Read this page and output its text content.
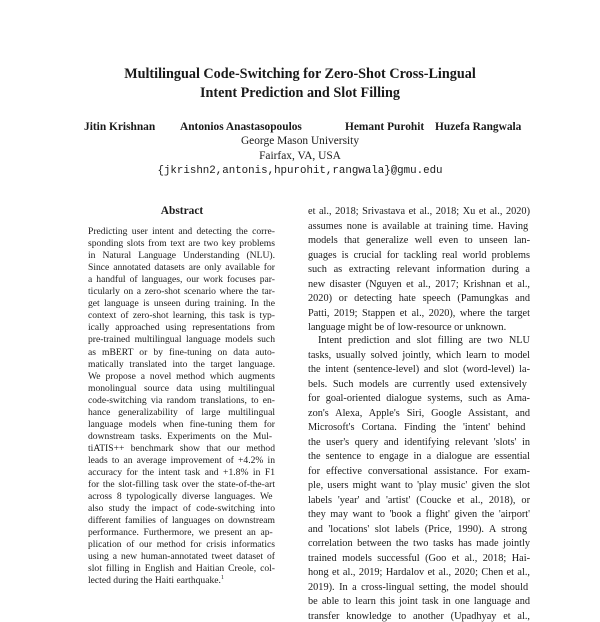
Multilingual Code-Switching for Zero-Shot Cross-Lingual
Intent Prediction and Slot Filling
Jitin Krishnan Antonios Anastasopoulos	Hemant Purohit Huzefa Rangwala
George Mason University
Fairfax, VA, USA
{jkrishn2,antonis,hpurohit,rangwala}@gmu.edu
Abstract
Predicting user intent and detecting the corre-
sponding slots from text are two key problems
in Natural Language Understanding (NLU).
Since annotated datasets are only available for
a handful of languages, our work focuses par-
ticularly on a zero-shot scenario where the tar-
get language is unseen during training. In the
context of zero-shot learning, this task is typ-
ically approached using representations from
pre-trained multilingual language models such
as mBERT or by fine-tuning on data auto-
matically translated into the target language.
We propose a novel method which augments
monolingual source data using multilingual
code-switching via random translations, to en-
hance generalizability of large multilingual
language models when fine-tuning them for
downstream tasks. Experiments on the Mul-
tiATIS++ benchmark show that our method
leads to an average improvement of +4.2% in
accuracy for the intent task and +1.8% in F1
for the slot-filling task over the state-of-the-art
across 8 typologically diverse languages. We
also study the impact of code-switching into
different families of languages on downstream
performance. Furthermore, we present an ap-
plication of our method for crisis informatics
using a new human-annotated tweet dataset of
slot filling in English and Haitian Creole, col-
lected during the Haiti earthquake.$^1$
et al., 2018; Srivastava et al., 2018; Xu et al., 2020)
assumes none is available at training time. Having
models that generalize well even to unseen lan-
guages is crucial for tackling real world problems
such as extracting relevant information during a
new disaster (Nguyen et al., 2017; Krishnan et al.,
2020) or detecting hate speech (Pamungkas and
Patti, 2019; Stappen et al., 2020), where the target
language might be of low-resource or unknown.
Intent prediction and slot filling are two NLU
tasks, usually solved jointly, which learn to model
the intent (sentence-level) and slot (word-level) la-
bels. Such models are currently used extensively
for goal-oriented dialogue systems, such as Ama-
zon's Alexa, Apple's Siri, Google Assistant, and
Microsoft's Cortana. Finding the 'intent' behind
the user's query and identifying relevant 'slots' in
the sentence to engage in a dialogue are essential
for effective conversational assistance. For exam-
ple, users might want to 'play music' given the slot
labels 'year' and 'artist' (Coucke et al., 2018), or
they may want to 'book a flight' given the 'airport'
and 'locations' slot labels (Price, 1990). A strong
correlation between the two tasks has made jointly
trained models successful (Goo et al., 2018; Hai-
hong et al., 2019; Hardalov et al., 2020; Chen et al.,
2019). In a cross-lingual setting, the model should
be able to learn this joint task in one language and
transfer knowledge to another (Upadhyay et al.,
